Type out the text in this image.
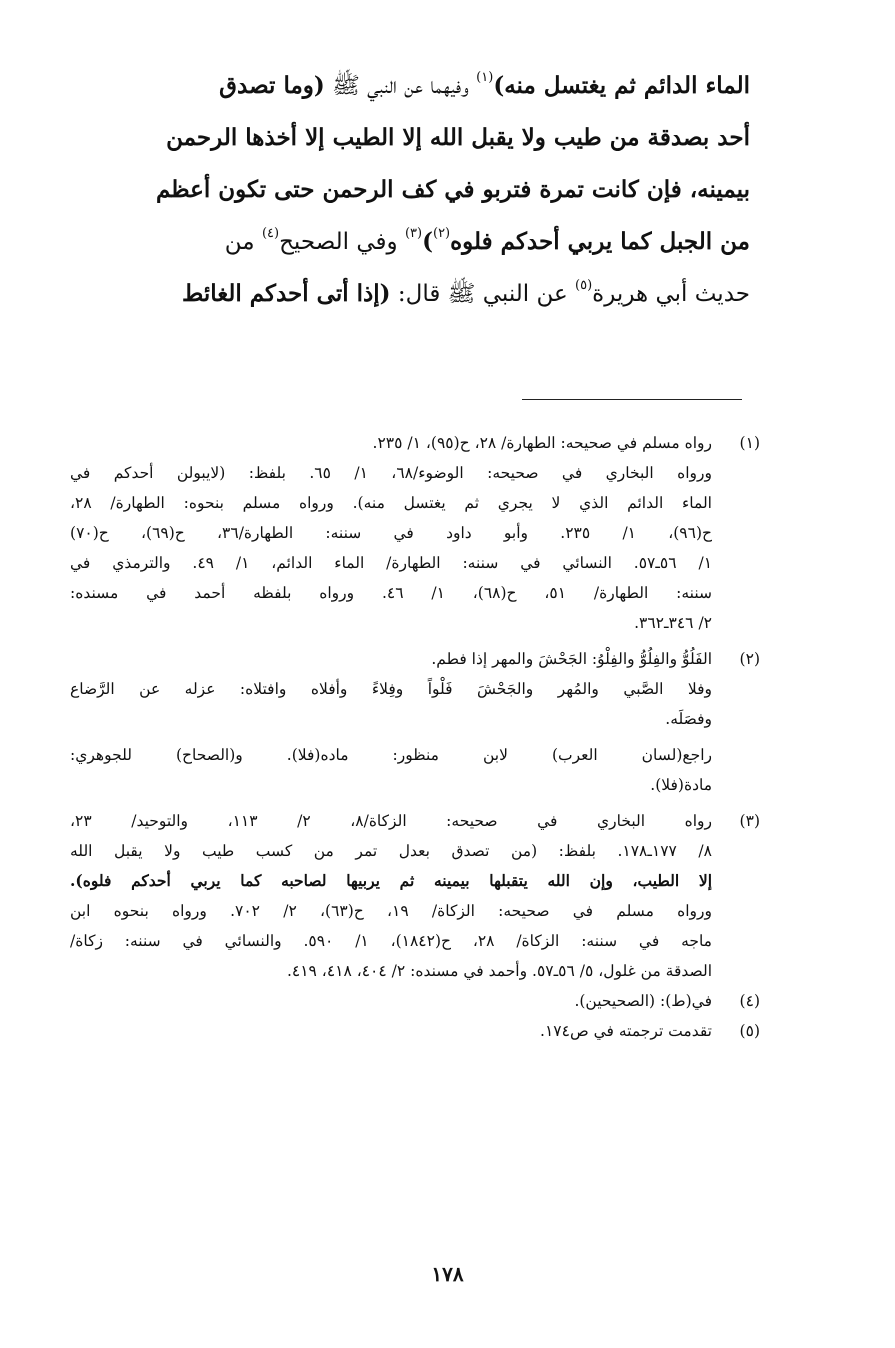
الماء الدائم ثم يغتسل منه)$^{(١)}$ وفيهما عن النبي ﷺ (وما تصدق
أحد بصدقة من طيب ولا يقبل الله إلا الطيب إلا أخذها الرحمن
بيمينه، فإن كانت تمرة فتربو في كف الرحمن حتى تكون أعظم
من الجبل كما يربي أحدكم فلوه$^{(٢)}$)$^{(٣)}$ وفي الصحيح$^{(٤)}$ من
حديث أبي هريرة$^{(٥)}$ عن النبي ﷺ قال: (إذا أتى أحدكم الغائط
(١)
رواه مسلم في صحيحه: الطهارة/ ٢٨، ح(٩٥)، ١/ ٢٣٥.
ورواه البخاري في صحيحه: الوضوء/٦٨، ١/ ٦٥. بلفظ: (لايبولن أحدكم في
الماء الدائم الذي لا يجري ثم يغتسل منه). ورواه مسلم بنحوه: الطهارة/ ٢٨،
ح(٩٦)، ١/ ٢٣٥. وأبو داود في سننه: الطهارة/٣٦، ح(٦٩)، ح(٧٠)
١/ ٥٦ـ٥٧. النسائي في سننه: الطهارة/ الماء الدائم، ١/ ٤٩. والترمذي في
سننه: الطهارة/ ٥١، ح(٦٨)، ١/ ٤٦. ورواه بلفظه أحمد في مسنده:
٢/ ٣٤٦ـ٣٦٢.
(٢)
الفَلُوُّ والفِلُوُّ والفِلْوُ: الجَحْشَ والمهر إذا فطم.
وفلا الصَّبي والمُهر والجَحْشَ فَلْواً وفِلاءً وأفلاه وافتلاه: عزله عن الرَّضاع
وفصَلَه.
راجع(لسان العرب) لابن منظور: ماده(فلا). و(الصحاح) للجوهري:
مادة(فلا).
(٣)
رواه البخاري في صحيحه: الزكاة/٨، ٢/ ١١٣، والتوحيد/ ٢٣،
٨/ ١٧٧ـ١٧٨. بلفظ: (من تصدق بعدل تمر من كسب طيب ولا يقبل الله
إلا الطيب، وإن الله يتقبلها بيمينه ثم يربيها لصاحبه كما يربي أحدكم فلوه).
ورواه مسلم في صحيحه: الزكاة/ ١٩، ح(٦٣)، ٢/ ٧٠٢. ورواه بنحوه ابن
ماجه في سننه: الزكاة/ ٢٨، ح(١٨٤٢)، ١/ ٥٩٠. والنسائي في سننه: زكاة/
الصدقة من غلول، ٥/ ٥٦ـ٥٧. وأحمد في مسنده: ٢/ ٤٠٤، ٤١٨، ٤١٩.
(٤)
في(ط): (الصحيحين).
(٥)
تقدمت ترجمته في ص١٧٤.
١٧٨
